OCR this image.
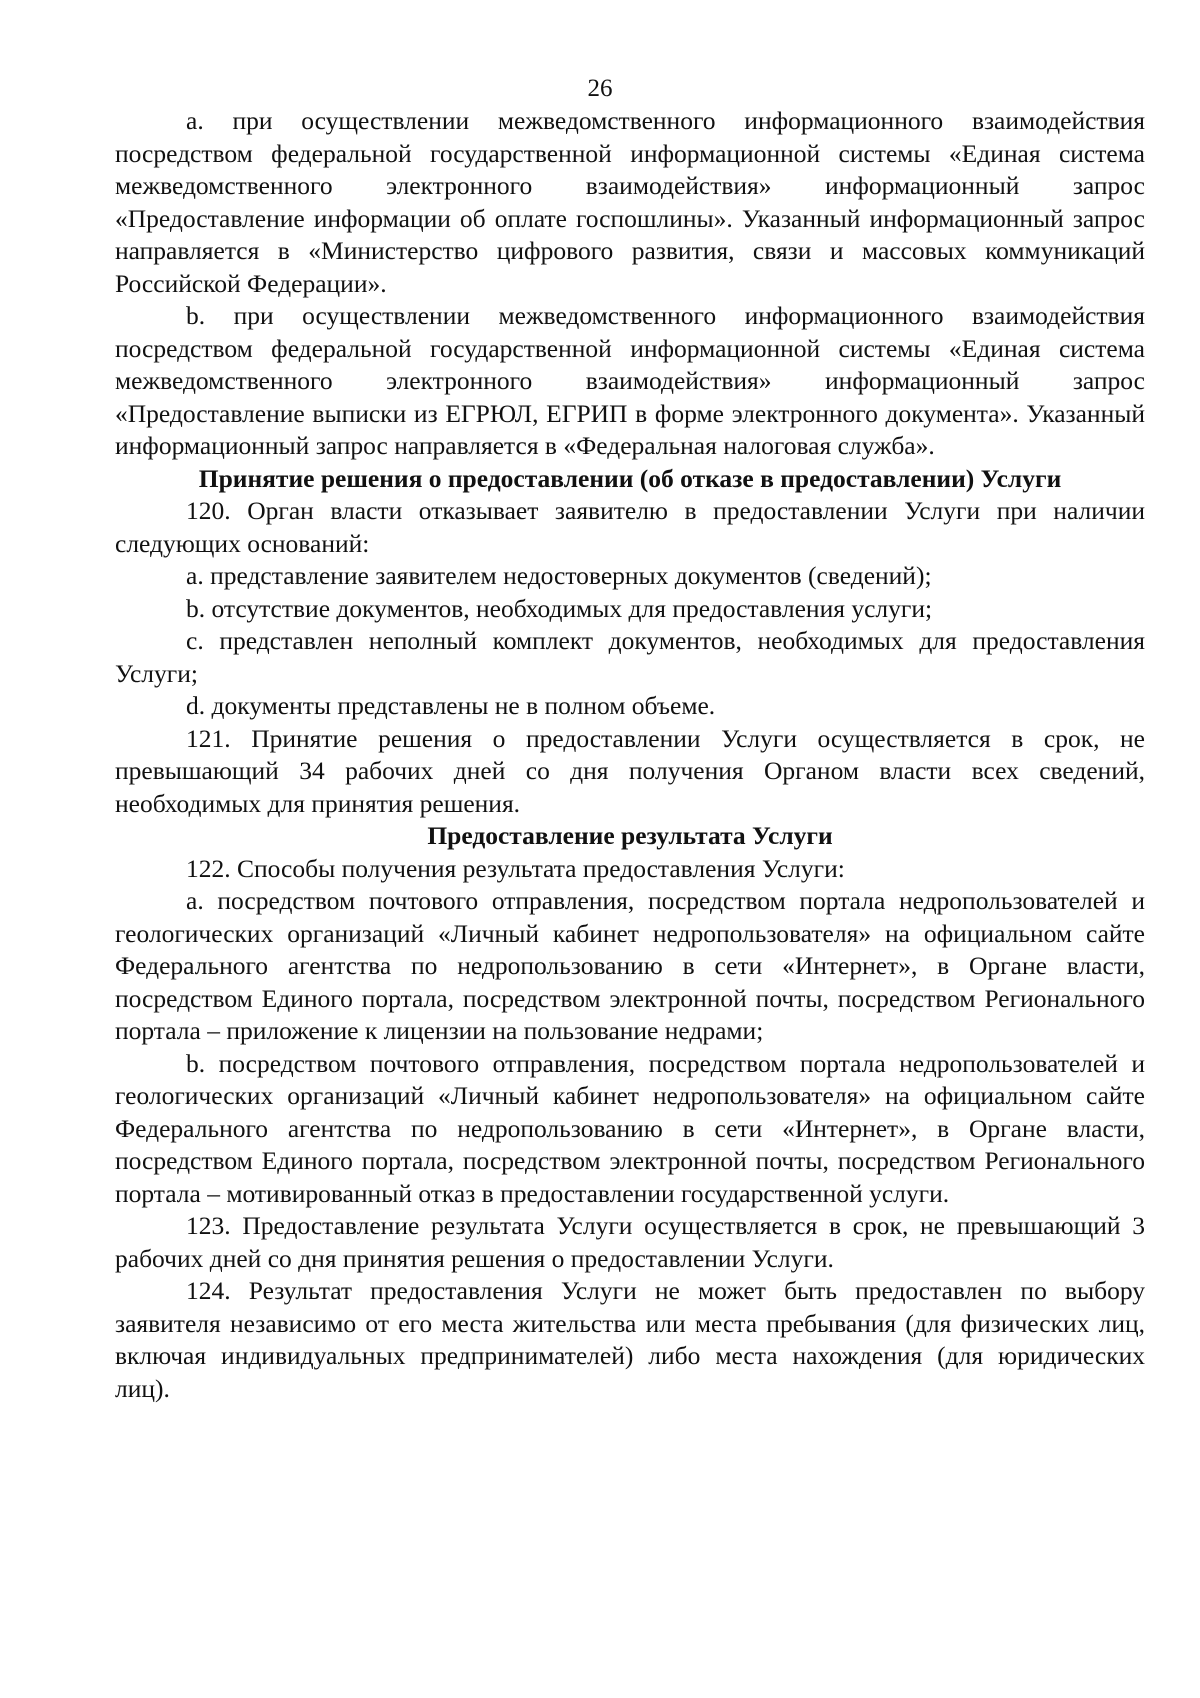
26

a. при осуществлении межведомственного информационного взаимодействия посредством федеральной государственной информационной системы «Единая система межведомственного электронного взаимодействия» информационный запрос «Предоставление информации об оплате госпошлины». Указанный информационный запрос направляется в «Министерство цифрового развития, связи и массовых коммуникаций Российской Федерации».

b. при осуществлении межведомственного информационного взаимодействия посредством федеральной государственной информационной системы «Единая система межведомственного электронного взаимодействия» информационный запрос «Предоставление выписки из ЕГРЮЛ, ЕГРИП в форме электронного документа». Указанный информационный запрос направляется в «Федеральная налоговая служба».

Принятие решения о предоставлении (об отказе в предоставлении) Услуги

120. Орган власти отказывает заявителю в предоставлении Услуги при наличии следующих оснований:

a. представление заявителем недостоверных документов (сведений);

b. отсутствие документов, необходимых для предоставления услуги;

c. представлен неполный комплект документов, необходимых для предоставления Услуги;

d. документы представлены не в полном объеме.

121. Принятие решения о предоставлении Услуги осуществляется в срок, не превышающий 34 рабочих дней со дня получения Органом власти всех сведений, необходимых для принятия решения.

Предоставление результата Услуги

122. Способы получения результата предоставления Услуги:

a. посредством почтового отправления, посредством портала недропользователей и геологических организаций «Личный кабинет недропользователя» на официальном сайте Федерального агентства по недропользованию в сети «Интернет», в Органе власти, посредством Единого портала, посредством электронной почты, посредством Регионального портала – приложение к лицензии на пользование недрами;

b. посредством почтового отправления, посредством портала недропользователей и геологических организаций «Личный кабинет недропользователя» на официальном сайте Федерального агентства по недропользованию в сети «Интернет», в Органе власти, посредством Единого портала, посредством электронной почты, посредством Регионального портала – мотивированный отказ в предоставлении государственной услуги.

123. Предоставление результата Услуги осуществляется в срок, не превышающий 3 рабочих дней со дня принятия решения о предоставлении Услуги.

124. Результат предоставления Услуги не может быть предоставлен по выбору заявителя независимо от его места жительства или места пребывания (для физических лиц, включая индивидуальных предпринимателей) либо места нахождения (для юридических лиц).
